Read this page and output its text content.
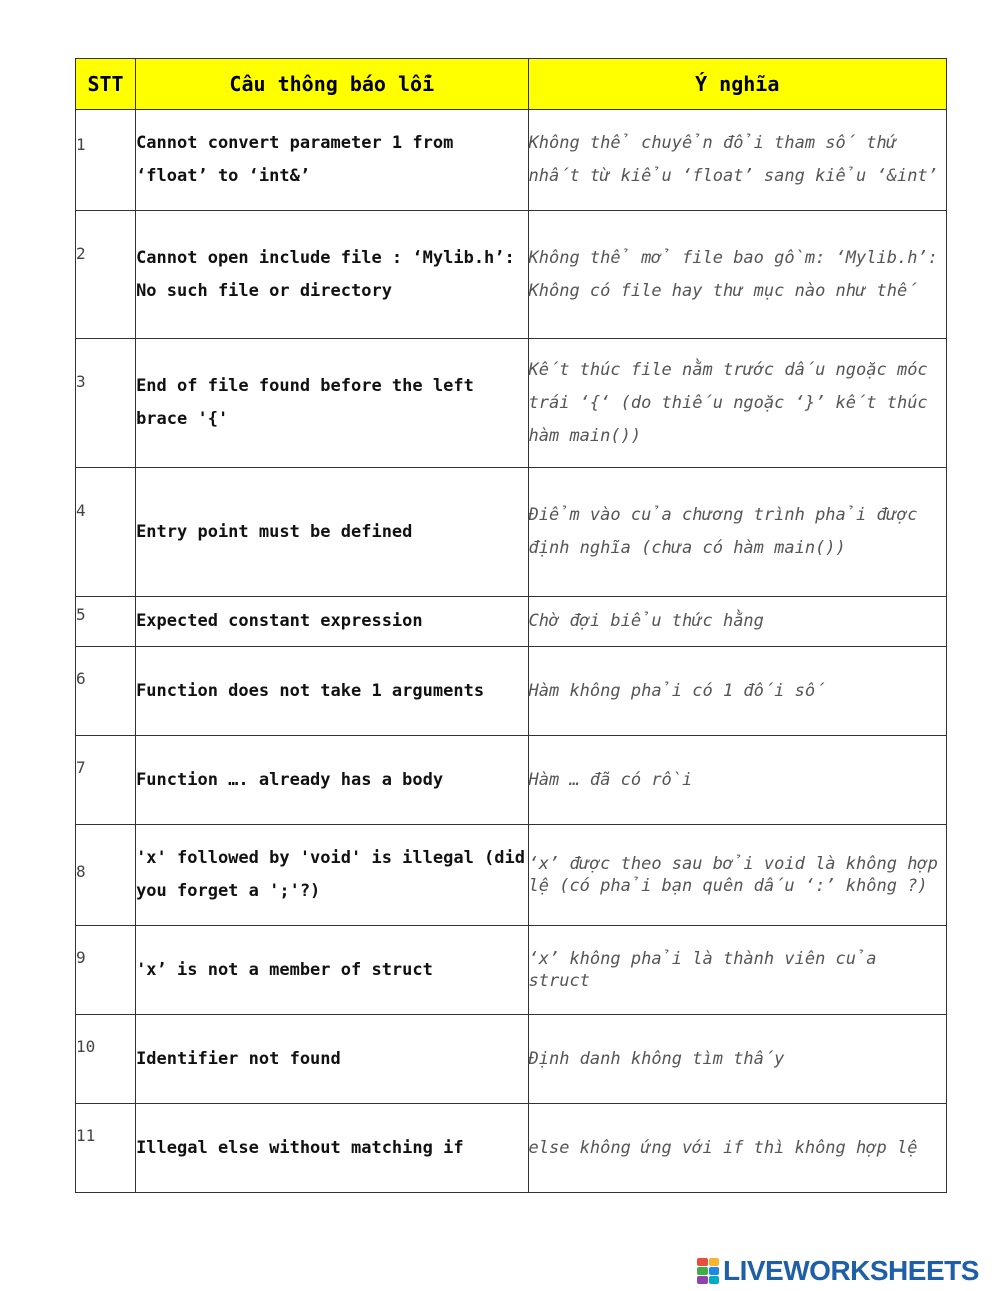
STT	Câu thông báo lỗi	Ý nghĩa

1	Cannot convert parameter 1 from ‘float’ to ‘int&’	Không thể chuyển đổi tham số thứ nhất từ kiểu ‘float’ sang kiểu ‘&int’

2	Cannot open include file : ‘Mylib.h’: No such file or directory	Không thể mở file bao gồm: ‘Mylib.h’: Không có file hay thư mục nào như thế

3	End of file found before the left brace '{'	Kết thúc file nằm trước dấu ngoặc móc trái ‘{‘ (do thiếu ngoặc ‘}’ kết thúc hàm main())

4	Entry point must be defined	Điểm vào của chương trình phải được định nghĩa (chưa có hàm main())

5	Expected constant expression	Chờ đợi biểu thức hằng

6	Function does not take 1 arguments	Hàm không phải có 1 đối số

7	Function …. already has a body	Hàm … đã có rồi

8	'x' followed by 'void' is illegal (did you forget a ';'?)	‘x’ được theo sau bởi void là không hợp lệ (có phải bạn quên dấu ‘:’ không ?)

9	'x’ is not a member of struct	‘x’ không phải là thành viên của struct

10	Identifier not found	Định danh không tìm thấy

11	Illegal else without matching if	else không ứng với if thì không hợp lệ
LIVEWORKSHEETS
